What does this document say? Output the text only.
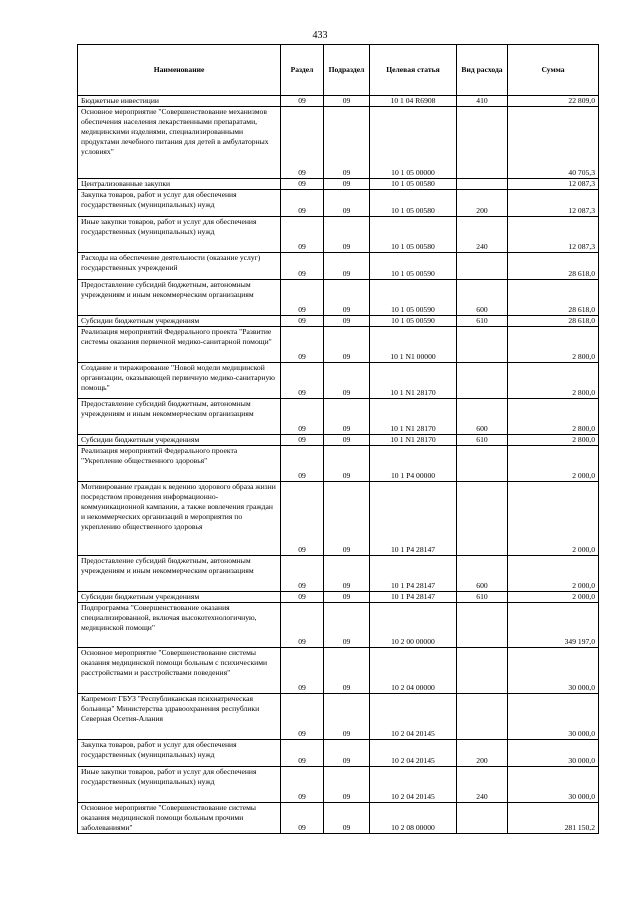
433
Наименование	Раздел	Подраздел	Целевая статья	Вид расхода	Сумма

Бюджетные инвестиции	09	09	10 1 04 R6908	410	22 809,0

Основное мероприятие "Совершенствование механизмов обеспечения населения лекарственными препаратами, медицинскими изделиями, специализированными продуктами лечебного питания для детей в амбулаторных условиях"	09	09	10 1 05 00000		40 705,3

Централизованные закупки	09	09	10 1 05 00580		12 087,3

Закупка товаров, работ и услуг для обеспечения государственных (муниципальных) нужд	09	09	10 1 05 00580	200	12 087,3

Иные закупки товаров, работ и услуг для обеспечения государственных (муниципальных) нужд	09	09	10 1 05 00580	240	12 087,3

Расходы на обеспечение деятельности (оказание услуг) государственных учреждений	09	09	10 1 05 00590		28 618,0

Предоставление субсидий бюджетным, автономным учреждениям и иным некоммерческим организациям	09	09	10 1 05 00590	600	28 618,0

Субсидии бюджетным учреждениям	09	09	10 1 05 00590	610	28 618,0

Реализация мероприятий Федерального проекта "Развитие системы оказания первичной медико-санитарной помощи"	09	09	10 1 N1 00000		2 800,0

Создание и тиражирование "Новой модели медицинской организации, оказывающей первичную медико-санитарную помощь"	09	09	10 1 N1 28170		2 800,0

Предоставление субсидий бюджетным, автономным учреждениям и иным некоммерческим организациям	09	09	10 1 N1 28170	600	2 800,0

Субсидии бюджетным учреждениям	09	09	10 1 N1 28170	610	2 800,0

Реализация мероприятий Федерального проекта "Укрепление общественного здоровья"	09	09	10 1 P4 00000		2 000,0

Мотивирование граждан к ведению здорового образа жизни посредством проведения информационно-коммуникационной кампании, а также вовлечения граждан и некоммерческих организаций в мероприятия по укреплению общественного здоровья	09	09	10 1 P4 28147		2 000,0

Предоставление субсидий бюджетным, автономным учреждениям и иным некоммерческим организациям	09	09	10 1 P4 28147	600	2 000,0

Субсидии бюджетным учреждениям	09	09	10 1 P4 28147	610	2 000,0

Подпрограмма "Совершенствование оказания специализированной, включая высокотехнологичную, медицинской помощи"	09	09	10 2 00 00000		349 197,0

Основное мероприятие "Совершенствование системы оказания медицинской помощи больным с психическими расстройствами и расстройствами поведения"	09	09	10 2 04 00000		30 000,0

Капремонт ГБУЗ "Республиканская психиатрическая больница" Министерства здравоохранения республики Северная Осетия-Алания	09	09	10 2 04 20145		30 000,0

Закупка товаров, работ и услуг для обеспечения государственных (муниципальных) нужд	09	09	10 2 04 20145	200	30 000,0

Иные закупки товаров, работ и услуг для обеспечения государственных (муниципальных) нужд	09	09	10 2 04 20145	240	30 000,0

Основное мероприятие "Совершенствование системы оказания медицинской помощи больным прочими заболеваниями"	09	09	10 2 08 00000		281 150,2
